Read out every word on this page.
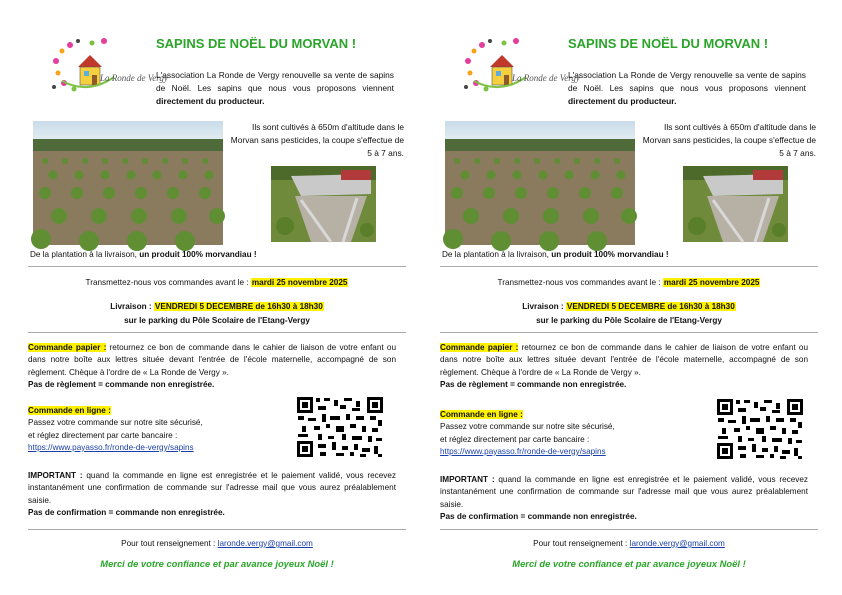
La Ronde de Vergy
SAPINS DE NOËL DU MORVAN !
L'association La Ronde de Vergy renouvelle sa vente de sapins de Noël. Les sapins que nous vous proposons viennent directement du producteur.
Ils sont cultivés à 650m d'altitude dans le Morvan sans pesticides, la coupe s'effectue de 5 à 7 ans.
De la plantation à la livraison, un produit 100% morvandiau !
Transmettez-nous vos commandes avant le : mardi 25 novembre 2025
Livraison : VENDREDI 5 DECEMBRE de 16h30 à 18h30
sur le parking du Pôle Scolaire de l'Etang-Vergy
Commande papier : retournez ce bon de commande dans le cahier de liaison de votre enfant ou dans notre boîte aux lettres située devant l'entrée de l'école maternelle, accompagné de son règlement. Chèque à l'ordre de « La Ronde de Vergy ».
Pas de règlement = commande non enregistrée.
Commande en ligne :
Passez votre commande sur notre site sécurisé,
et réglez directement par carte bancaire :
https://www.payasso.fr/ronde-de-vergy/sapins
IMPORTANT : quand la commande en ligne est enregistrée et le paiement validé, vous recevez instantanément une confirmation de commande sur l'adresse mail que vous aurez préalablement saisie.
Pas de confirmation = commande non enregistrée.
Pour tout renseignement : laronde.vergy@gmail.com
Merci de votre confiance et par avance joyeux Noël !
La Ronde de Vergy
SAPINS DE NOËL DU MORVAN !
L'association La Ronde de Vergy renouvelle sa vente de sapins de Noël. Les sapins que nous vous proposons viennent directement du producteur.
Ils sont cultivés à 650m d'altitude dans le Morvan sans pesticides, la coupe s'effectue de 5 à 7 ans.
De la plantation à la livraison, un produit 100% morvandiau !
Transmettez-nous vos commandes avant le : mardi 25 novembre 2025
Livraison : VENDREDI 5 DECEMBRE de 16h30 à 18h30
sur le parking du Pôle Scolaire de l'Etang-Vergy
Commande papier : retournez ce bon de commande dans le cahier de liaison de votre enfant ou dans notre boîte aux lettres située devant l'entrée de l'école maternelle, accompagné de son règlement. Chèque à l'ordre de « La Ronde de Vergy ».
Pas de règlement = commande non enregistrée.
Commande en ligne :
Passez votre commande sur notre site sécurisé,
et réglez directement par carte bancaire :
https://www.payasso.fr/ronde-de-vergy/sapins
IMPORTANT : quand la commande en ligne est enregistrée et le paiement validé, vous recevez instantanément une confirmation de commande sur l'adresse mail que vous aurez préalablement saisie.
Pas de confirmation = commande non enregistrée.
Pour tout renseignement : laronde.vergy@gmail.com
Merci de votre confiance et par avance joyeux Noël !
